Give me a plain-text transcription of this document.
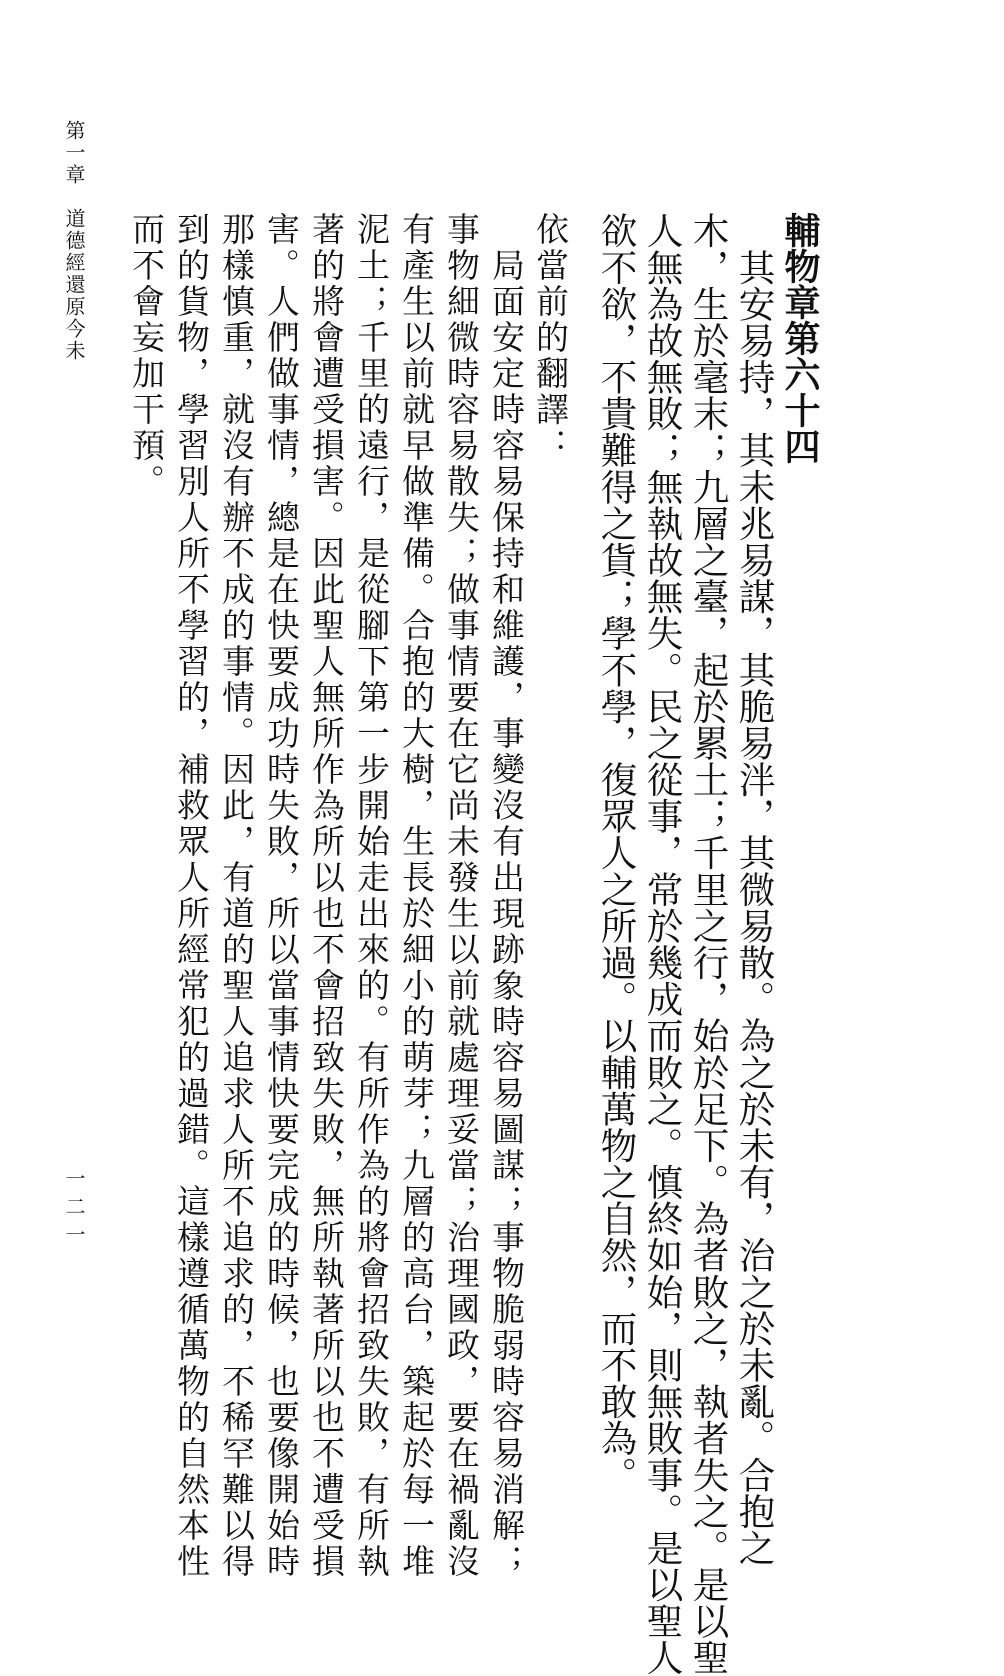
輔物章第六十四
　其安易持，其未兆易謀，其脆易泮，其微易散。為之於未有，治之於未亂。合抱之
木，生於毫末；九層之臺，起於累土；千里之行，始於足下。為者敗之，執者失之。是以聖
人無為故無敗；無執故無失。民之從事，常於幾成而敗之。慎終如始，則無敗事。是以聖人
欲不欲，不貴難得之貨；學不學，復眾人之所過。以輔萬物之自然，而不敢為。
依當前的翻譯：
　局面安定時容易保持和維護，事變沒有出現跡象時容易圖謀；事物脆弱時容易消解；
事物細微時容易散失；做事情要在它尚未發生以前就處理妥當；治理國政，要在禍亂沒
有產生以前就早做準備。合抱的大樹，生長於細小的萌芽；九層的高台，築起於每一堆
泥土；千里的遠行，是從腳下第一步開始走出來的。有所作為的將會招致失敗，有所執
著的將會遭受損害。因此聖人無所作為所以也不會招致失敗，無所執著所以也不遭受損
害。人們做事情，總是在快要成功時失敗，所以當事情快要完成的時候，也要像開始時
那樣慎重，就沒有辦不成的事情。因此，有道的聖人追求人所不追求的，不稀罕難以得
到的貨物，學習別人所不學習的，補救眾人所經常犯的過錯。這樣遵循萬物的自然本性
而不會妄加干預。
第一章　道德經還原今未
一二一
